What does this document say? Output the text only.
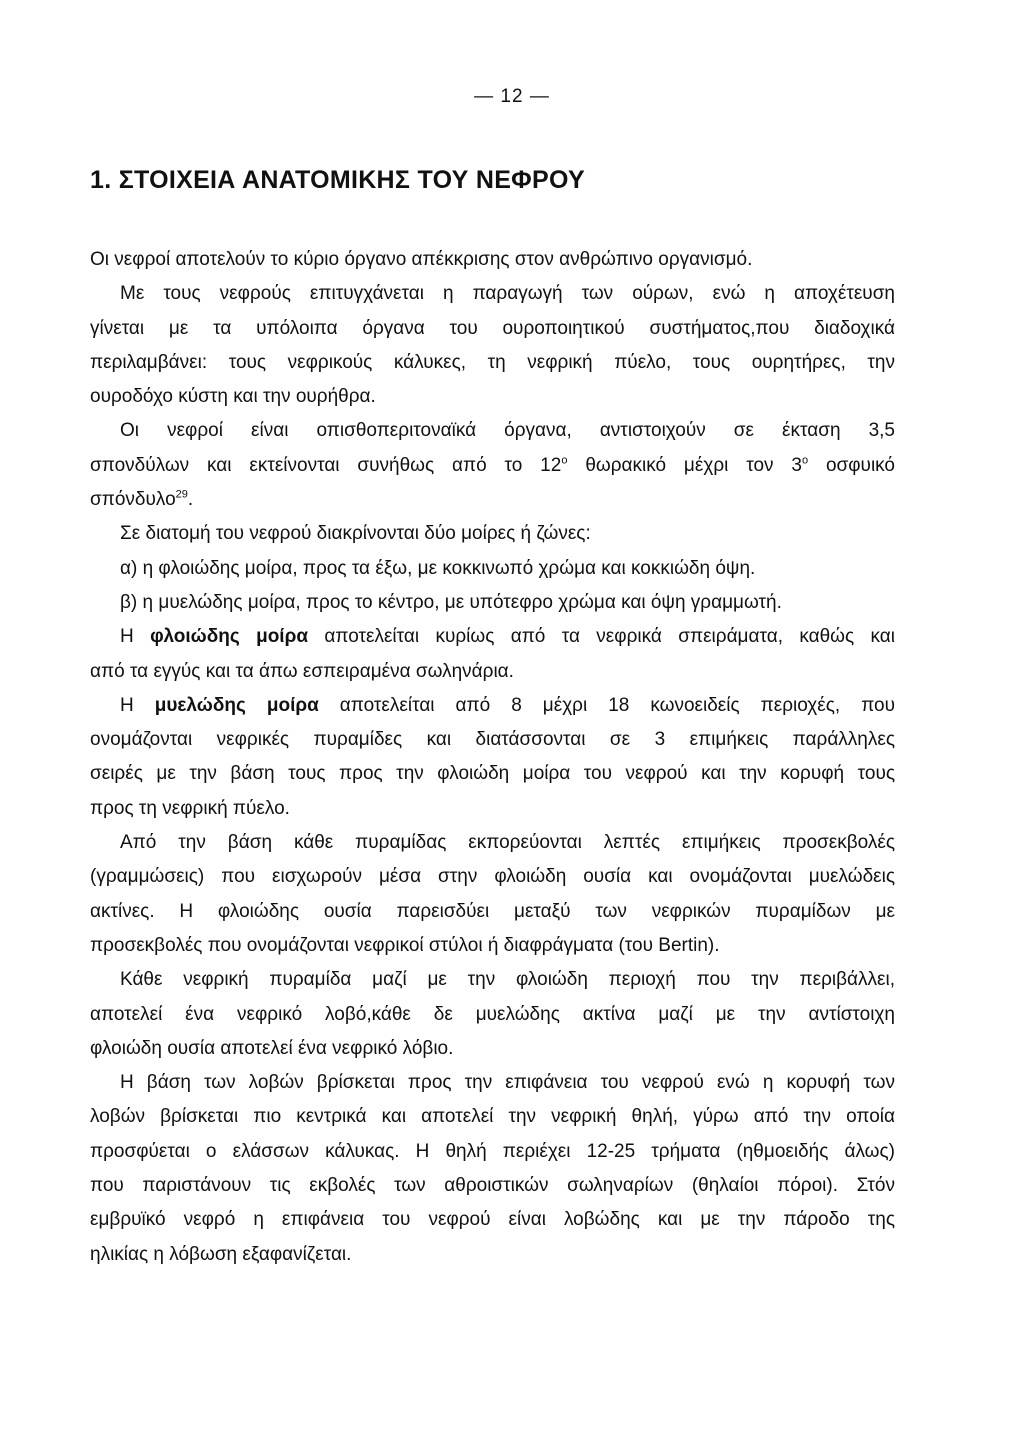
— 12 —
1. ΣΤΟΙΧΕΙΑ ΑΝΑΤΟΜΙΚΗΣ ΤΟΥ ΝΕΦΡΟΥ

Οι νεφροί αποτελούν το κύριο όργανο απέκκρισης στον ανθρώπινο οργανισμό.

Με τους νεφρούς επιτυγχάνεται η παραγωγή των ούρων, ενώ η αποχέτευση
γίνεται με τα υπόλοιπα όργανα του ουροποιητικού συστήματος,που διαδοχικά
περιλαμβάνει: τους νεφρικούς κάλυκες, τη νεφρική πύελο, τους ουρητήρες, την
ουροδόχο κύστη και την ουρήθρα.

Οι νεφροί είναι οπισθοπεριτοναϊκά όργανα, αντιστοιχούν σε έκταση 3,5
σπονδύλων και εκτείνονται συνήθως από το $12^o$ θωρακικό μέχρι τον $3^o$ οσφυικό
σπόνδυλο$^{29}$.

Σε διατομή του νεφρού διακρίνονται δύο μοίρες ή ζώνες:

α) η φλοιώδης μοίρα, προς τα έξω, με κοκκινωπό χρώμα και κοκκιώδη όψη.

β) η μυελώδης μοίρα, προς το κέντρο, με υπότεφρο χρώμα και όψη γραμμωτή.

Η φλοιώδης μοίρα αποτελείται κυρίως από τα νεφρικά σπειράματα, καθώς και
από τα εγγύς και τα άπω εσπειραμένα σωληνάρια.

Η μυελώδης μοίρα αποτελείται από 8 μέχρι 18 κωνοειδείς περιοχές, που
ονομάζονται νεφρικές πυραμίδες και διατάσσονται σε 3 επιμήκεις παράλληλες
σειρές με την βάση τους προς την φλοιώδη μοίρα του νεφρού και την κορυφή τους
προς τη νεφρική πύελο.

Από την βάση κάθε πυραμίδας εκπορεύονται λεπτές επιμήκεις προσεκβολές
(γραμμώσεις) που εισχωρούν μέσα στην φλοιώδη ουσία και ονομάζονται μυελώδεις
ακτίνες. Η φλοιώδης ουσία παρεισδύει μεταξύ των νεφρικών πυραμίδων με
προσεκβολές που ονομάζονται νεφρικοί στύλοι ή διαφράγματα (του Bertin).

Κάθε νεφρική πυραμίδα μαζί με την φλοιώδη περιοχή που την περιβάλλει,
αποτελεί ένα νεφρικό λοβό,κάθε δε μυελώδης ακτίνα μαζί με την αντίστοιχη
φλοιώδη ουσία αποτελεί ένα νεφρικό λόβιο.

Η βάση των λοβών βρίσκεται προς την επιφάνεια του νεφρού ενώ η κορυφή των
λοβών βρίσκεται πιο κεντρικά και αποτελεί την νεφρική θηλή, γύρω από την οποία
προσφύεται ο ελάσσων κάλυκας. Η θηλή περιέχει 12-25 τρήματα (ηθμοειδής άλως)
που παριστάνουν τις εκβολές των αθροιστικών σωληναρίων (θηλαίοι πόροι). Στόν
εμβρυϊκό νεφρό η επιφάνεια του νεφρού είναι λοβώδης και με την πάροδο της
ηλικίας η λόβωση εξαφανίζεται.
